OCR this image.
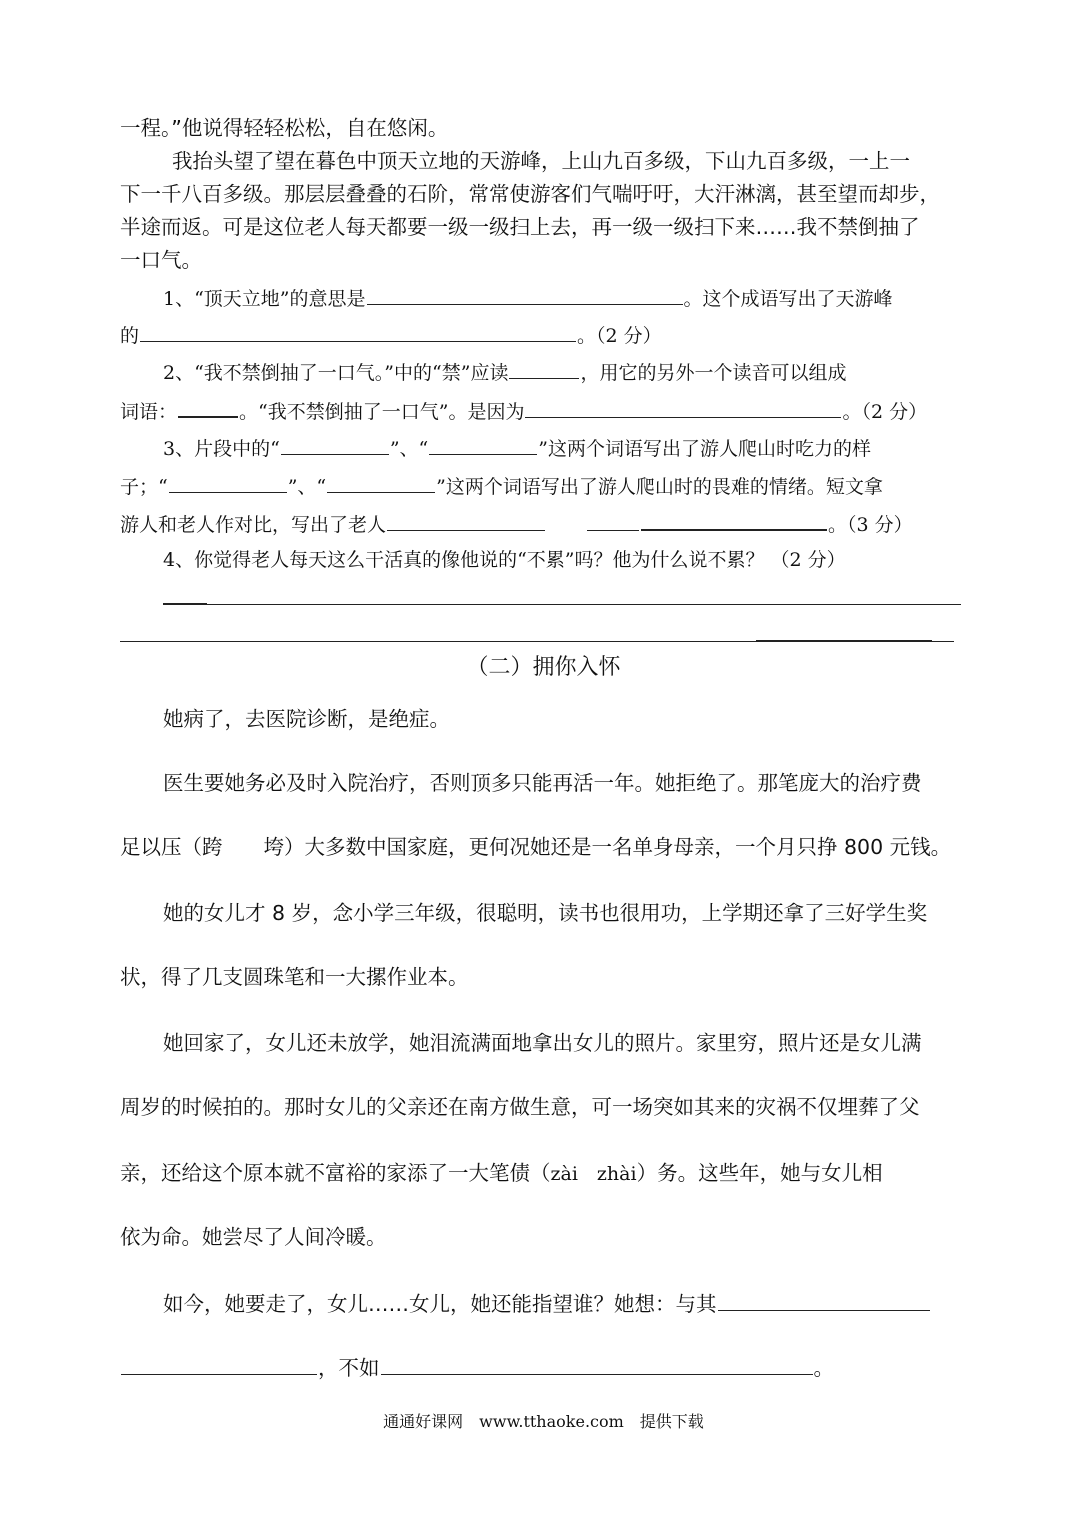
一程。”他说得轻轻松松，自在悠闲。
我抬头望了望在暮色中顶天立地的天游峰，上山九百多级，下山九百多级，一上一
下一千八百多级。那层层叠叠的石阶，常常使游客们气喘吁吁，大汗淋漓，甚至望而却步，
半途而返。可是这位老人每天都要一级一级扫上去，再一级一级扫下来……我不禁倒抽了
一口气。
1、“顶天立地”的意思是	。这个成语写出了天游峰
的	。（2 分）
2、“我不禁倒抽了一口气。”中的“禁”应读	，用它的另外一个读音可以组成
词语：	。“我不禁倒抽了一口气”。是因为	。（2 分）
3、片段中的“	”、“	”这两个词语写出了游人爬山时吃力的样
子；“	”、“	”这两个词语写出了游人爬山时的畏难的情绪。短文拿
游人和老人作对比，写出了老人	。（3 分）
4、你觉得老人每天这么干活真的像他说的“不累”吗？他为什么说不累？ （2 分）
（二）拥你入怀
她病了，去医院诊断，是绝症。
医生要她务必及时入院治疗，否则顶多只能再活一年。她拒绝了。那笔庞大的治疗费
足以压（跨　　垮）大多数中国家庭，更何况她还是一名单身母亲，一个月只挣 800 元钱。
她的女儿才 8 岁，念小学三年级，很聪明，读书也很用功，上学期还拿了三好学生奖
状，得了几支圆珠笔和一大摞作业本。
她回家了，女儿还未放学，她泪流满面地拿出女儿的照片。家里穷，照片还是女儿满
周岁的时候拍的。那时女儿的父亲还在南方做生意，可一场突如其来的灾祸不仅埋葬了父
亲，还给这个原本就不富裕的家添了一大笔债（zài　zhài）务。这些年，她与女儿相
依为命。她尝尽了人间冷暖。
如今，她要走了，女儿……女儿，她还能指望谁？她想：与其
，不如	。
通通好课网　www.tthaoke.com　提供下载
